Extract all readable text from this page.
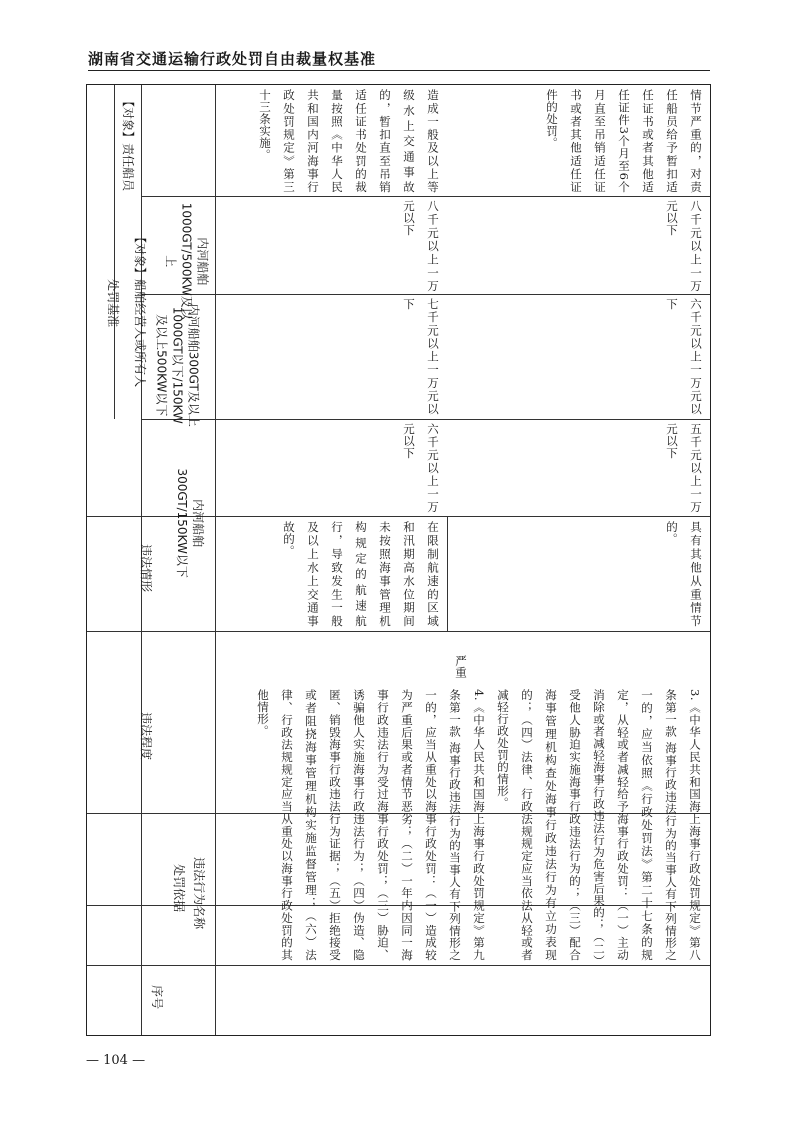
湖南省交通运输行政处罚自由裁量权基准
序号
违法行为名称
处罚依据
违法程度
违法情形
处罚基准 【对象】船舶经营人或所有人
【对象】责任船员
内河船舶300GT/150KW以下
内河船舶300GT及以上1000GT以下/150KW及以上500KW以下
内河船舶1000GT/500KW及以上
3.《中华人民共和国海上海事行政处罚规定》第八条第一款 海事行政违法行为的当事人有下列情形之一的，应当依照《行政处罚法》第二十七条的规定，从轻或者减轻给予海事行政处罚：（一）主动消除或者减轻海事行政违法行为危害后果的；（二）受他人胁迫实施海事行政违法行为的；（三）配合海事管理机构查处海事行政违法行为有立功表现的；（四）法律、行政法规规定应当依法从轻或者减轻行政处罚的情形。
4.《中华人民共和国海上海事行政处罚规定》第九条第一款 海事行政违法行为的当事人有下列情形之一的，应当从重处以海事行政处罚：（一）造成较为严重后果或者情节恶劣；（二）一年内因同一海事行政违法行为受过海事行政处罚；（三）胁迫、诱骗他人实施海事行政违法行为；（四）伪造、隐匿、销毁海事行政违法行为证据；（五）拒绝接受或者阻挠海事管理机构实施监督管理；（六）法律、行政法规规定应当从重处以海事行政处罚的其他情形。
严重
在限制航速的区域和汛期高水位期间未按照海事管理机构规定的航速航行，导致发生一般及以上水上交通事故的。
六千元以上一万元以下
七千元以上一万元以下
八千元以上一万元以下
造成一般及以上等级水上交通事故的，暂扣直至吊销适任证书处罚的裁量按照《中华人民共和国内河海事行政处罚规定》第三十三条实施。
具有其他从重情节的。
五千元以上一万元以下
六千元以上一万元以下
八千元以上一万元以下
情节严重的，对责任船员给予暂扣适任证书或者其他适任证件3个月至6个月直至吊销适任证书或者其他适任证件的处罚。
— 104 —
